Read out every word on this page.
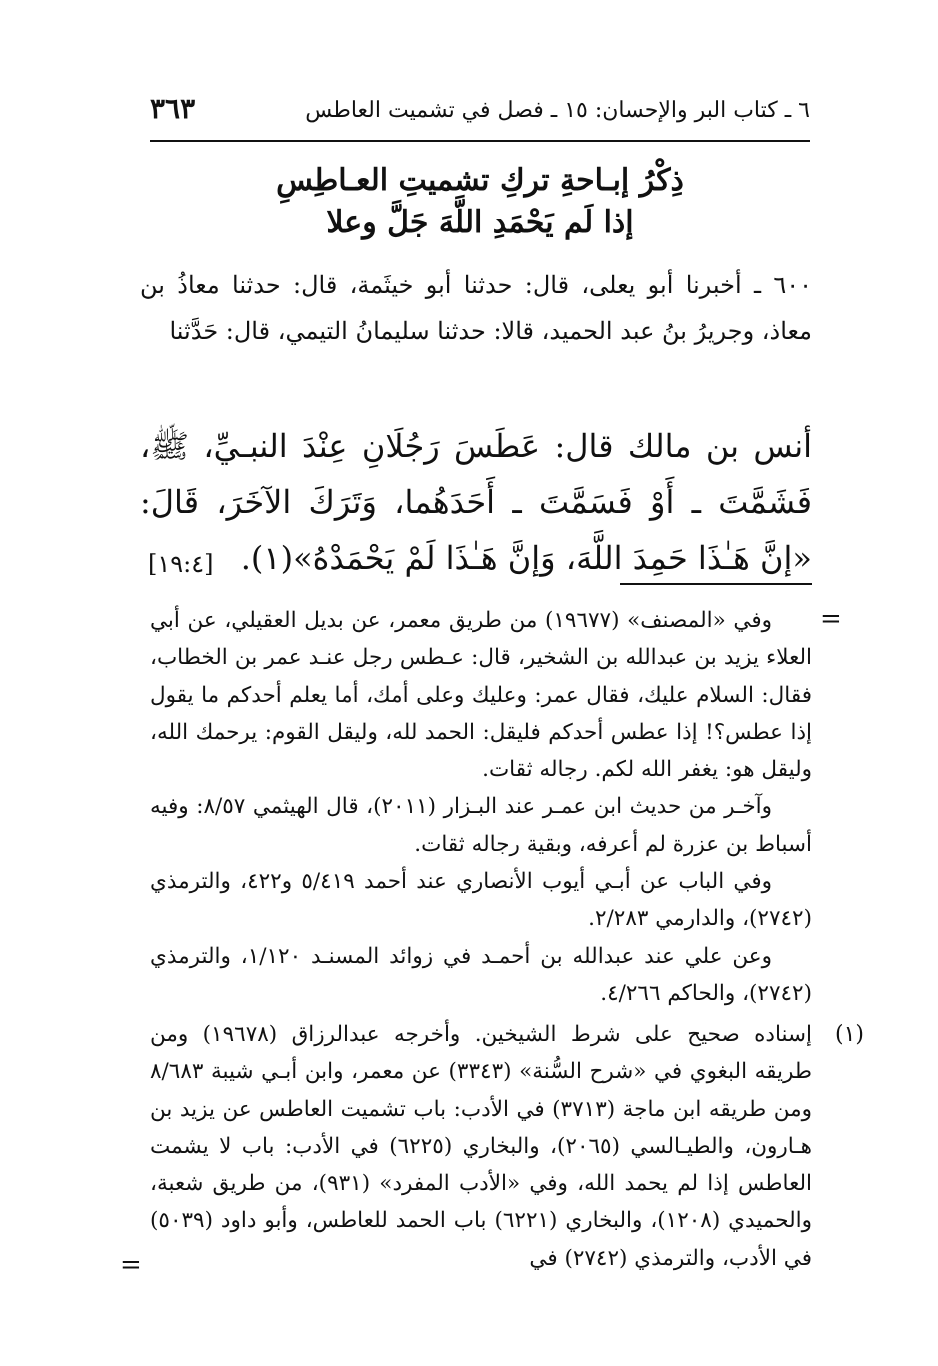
٦ ـ كتاب البر والإحسان: ١٥ ـ فصل في تشميت العاطس
٣٦٣
ذِكْرُ إبـاحةِ تركِ تشميتِ العـاطِسِ
إذا لَم يَحْمَدِ اللَّهَ جَلَّ وعلا
٦٠٠ ـ أخبرنا أبو يعلى، قال: حدثنا أبو خيثَمة، قال: حدثنا معاذُ بن معاذ، وجريرُ بنُ عبد الحميد، قالا: حدثنا سليمانُ التيمي، قال: حَدَّثنا
أنس بن مالك قال: عَطَسَ رَجُلَانِ عِنْدَ النبـيِّ، ﷺ، فَشَمَّتَ ـ أَوْ فَسَمَّتَ ـ أَحَدَهُما، وَتَرَكَ الآخَرَ، قَالَ: «إنَّ هَـٰذَا حَمِدَ اللَّهَ، وَإنَّ هَـٰذَا لَمْ يَحْمَدْهُ»(١).
[١٩:٤]
=

وفي «المصنف» (١٩٦٧٧) من طريق معمر، عن بديل العقيلي، عن أبي العلاء يزيد بن عبدالله بن الشخير، قال: عـطس رجل عنـد عمر بن الخطاب، فقال: السلام عليك، فقال عمر: وعليك وعلى أمك، أما يعلم أحدكم ما يقول إذا عطس؟! إذا عطس أحدكم فليقل: الحمد لله، وليقل القوم: يرحمك الله، وليقل هو: يغفر الله لكم. رجاله ثقات.

وآخـر من حديث ابن عمـر عند البـزار (٢٠١١)، قال الهيثمي ٨/٥٧: وفيه أسباط بن عزرة لم أعرفه، وبقية رجاله ثقات.

وفي الباب عن أبـي أيوب الأنصاري عند أحمد ٥/٤١٩ و٤٢٢، والترمذي (٢٧٤٢)، والدارمي ٢/٢٨٣.

وعن علي عند عبدالله بن أحمـد في زوائد المسنـد ١/١٢٠، والترمذي (٢٧٤٢)، والحاكم ٤/٢٦٦.

(١)

إسناده صحيح على شرط الشيخين. وأخرجه عبدالرزاق (١٩٦٧٨) ومن طريقه البغوي في «شرح السُّنة» (٣٣٤٣) عن معمر، وابن أبـي شيبة ٨/٦٨٣ ومن طريقه ابن ماجة (٣٧١٣) في الأدب: باب تشميت العاطس عن يزيد بن هـارون، والطيـالسي (٢٠٦٥)، والبخاري (٦٢٢٥) في الأدب: باب لا يشمت العاطس إذا لم يحمد الله، وفي «الأدب المفرد» (٩٣١)، من طريق شعبة، والحميدي (١٢٠٨)، والبخاري (٦٢٢١) باب الحمد للعاطس، وأبو داود (٥٠٣٩) في الأدب، والترمذي (٢٧٤٢) في

=
